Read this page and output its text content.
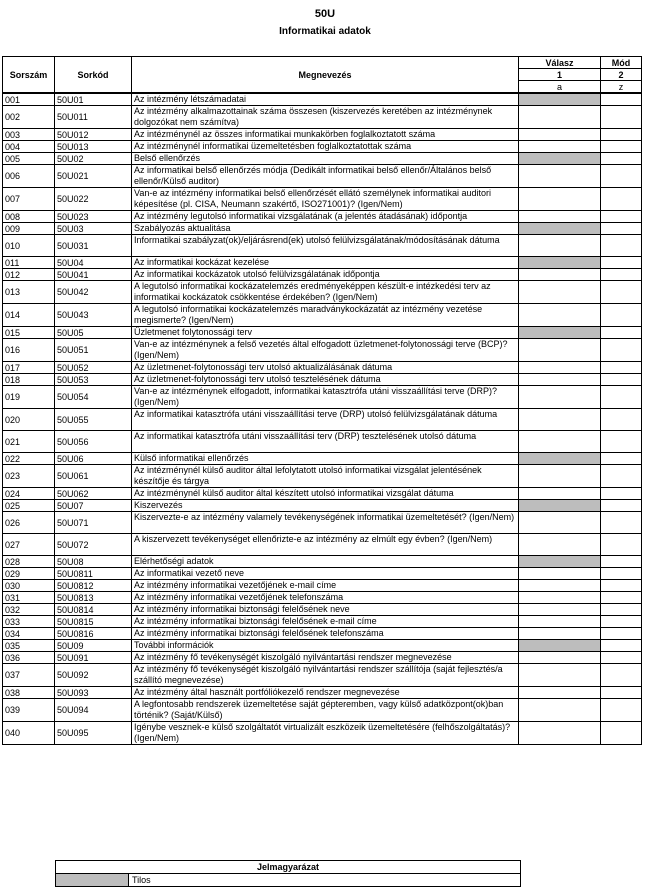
50U
Informatikai adatok
Sorszám	Sorkód	Megnevezés	Válasz	Mód
			1	2
			a	z
001	50U01	Az intézmény létszámadatai		
002	50U011	Az intézmény alkalmazottainak száma összesen (kiszervezés keretében az intézménynek dolgozókat nem számítva)		
003	50U012	Az intézménynél az összes informatikai munkakörben foglalkoztatott száma		
004	50U013	Az intézménynél informatikai üzemeltetésben foglalkoztatottak száma		
005	50U02	Belső ellenőrzés		
006	50U021	Az informatikai belső ellenőrzés módja (Dedikált informatikai belső ellenőr/Általános belső ellenőr/Külső auditor)		
007	50U022	Van-e az intézmény informatikai belső ellenőrzését ellátó személynek informatikai auditori képesítése (pl. CISA, Neumann szakértő, ISO271001)? (Igen/Nem)		
008	50U023	Az intézmény legutolsó informatikai vizsgálatának (a jelentés átadásának) időpontja		
009	50U03	Szabályozás aktualitása		
010	50U031	Informatikai szabályzat(ok)/eljárásrend(ek) utolsó felülvizsgálatának/módosításának dátuma		
011	50U04	Az informatikai kockázat kezelése		
012	50U041	Az informatikai kockázatok utolsó felülvizsgálatának időpontja		
013	50U042	A legutolsó informatikai kockázatelemzés eredményeképpen készült-e intézkedési terv az informatikai kockázatok csökkentése érdekében? (Igen/Nem)		
014	50U043	A legutolsó informatikai kockázatelemzés maradványkockázatát az intézmény vezetése megismerte? (Igen/Nem)		
015	50U05	Üzletmenet folytonossági terv		
016	50U051	Van-e az intézménynek a felső vezetés által elfogadott üzletmenet-folytonossági terve (BCP)? (Igen/Nem)		
017	50U052	Az üzletmenet-folytonossági terv utolsó aktualizálásának dátuma		
018	50U053	Az üzletmenet-folytonossági terv utolsó tesztelésének dátuma		
019	50U054	Van-e az intézménynek elfogadott, informatikai katasztrófa utáni visszaállítási terve (DRP)? (Igen/Nem)		
020	50U055	Az informatikai katasztrófa utáni visszaállítási terve (DRP) utolsó felülvizsgálatának dátuma		
021	50U056	Az informatikai katasztrófa utáni visszaállítási terv (DRP) tesztelésének utolsó dátuma		
022	50U06	Külső informatikai ellenőrzés		
023	50U061	Az intézménynél külső auditor által lefolytatott utolsó informatikai vizsgálat jelentésének készítője és tárgya		
024	50U062	Az intézménynél külső auditor által készített utolsó informatikai vizsgálat dátuma		
025	50U07	Kiszervezés		
026	50U071	Kiszervezte-e az intézmény valamely tevékenységének informatikai üzemeltetését? (Igen/Nem)		
027	50U072	A kiszervezett tevékenységet ellenőrizte-e az intézmény az elmúlt egy évben? (Igen/Nem)		
028	50U08	Elérhetőségi adatok		
029	50U0811	Az informatikai vezető neve		
030	50U0812	Az intézmény informatikai vezetőjének e-mail címe		
031	50U0813	Az intézmény informatikai vezetőjének telefonszáma		
032	50U0814	Az intézmény informatikai biztonsági felelősének neve		
033	50U0815	Az intézmény informatikai biztonsági felelősének e-mail címe		
034	50U0816	Az intézmény informatikai biztonsági felelősének telefonszáma		
035	50U09	További információk		
036	50U091	Az intézmény fő tevékenységét kiszolgáló nyilvántartási rendszer megnevezése		
037	50U092	Az intézmény fő tevékenységét kiszolgáló nyilvántartási rendszer szállítója (saját fejlesztés/a szállító megnevezése)		
038	50U093	Az intézmény által használt portfóliókezelő rendszer megnevezése		
039	50U094	A legfontosabb rendszerek üzemeltetése saját gépteremben, vagy külső adatközpont(ok)ban történik? (Saját/Külső)		
040	50U095	Igénybe vesznek-e külső szolgáltatót virtualizált eszközeik üzemeltetésére (felhőszolgáltatás)? (Igen/Nem)		
Jelmagyarázat
	Tilos
